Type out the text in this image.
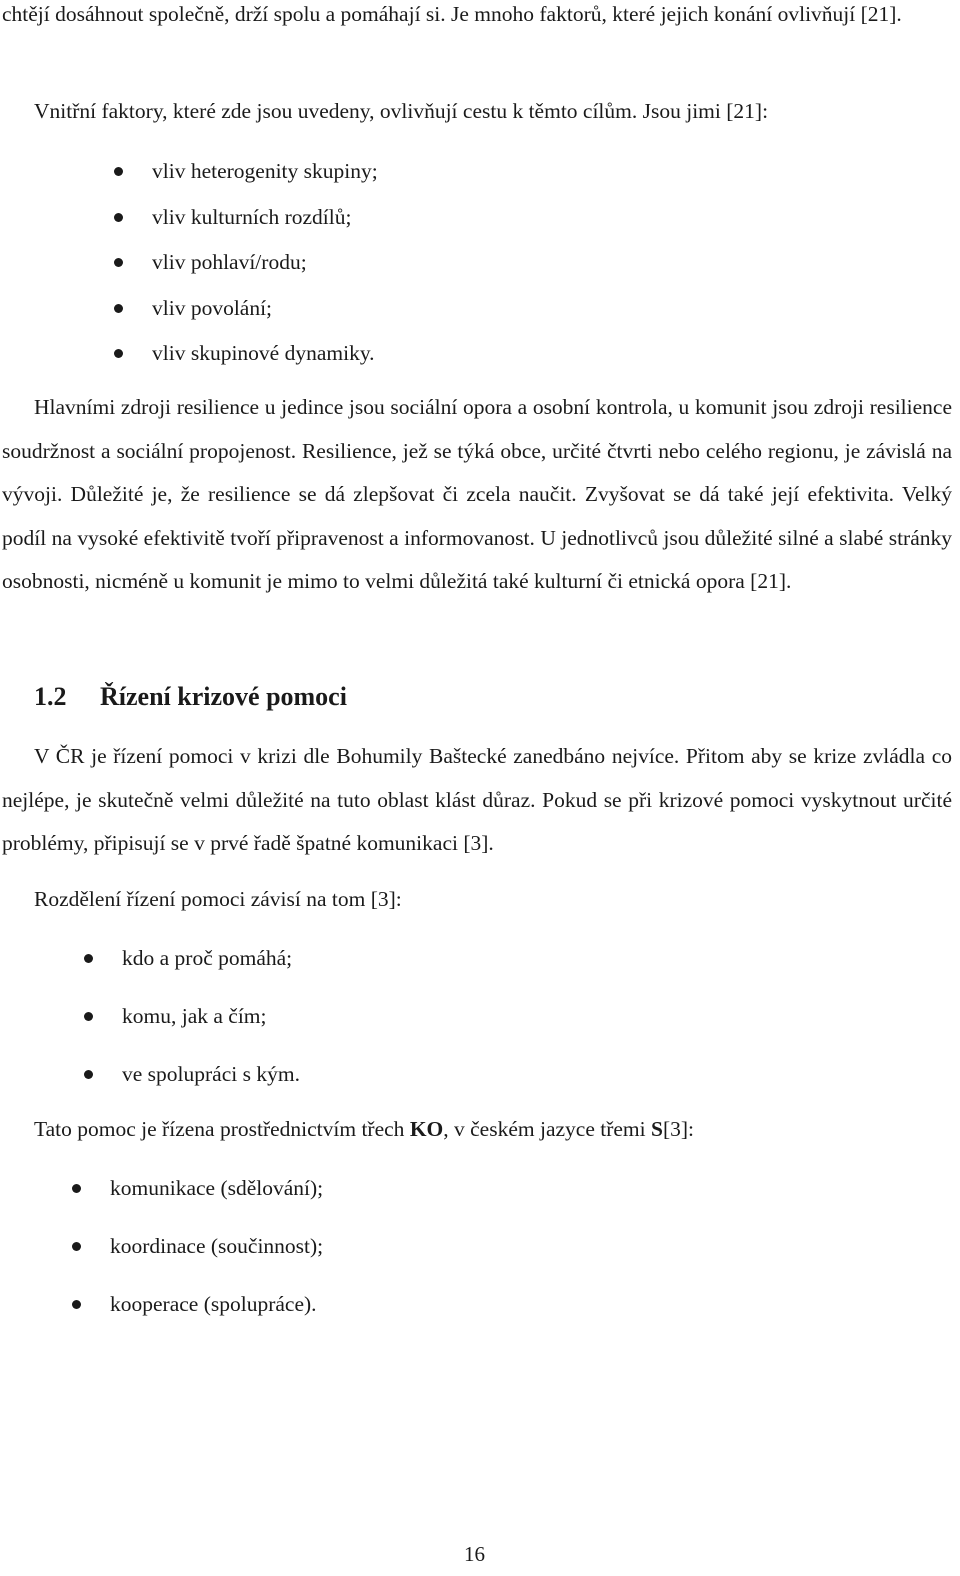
chtějí dosáhnout společně, drží spolu a pomáhají si. Je mnoho faktorů, které jejich konání ovlivňují [21].

Vnitřní faktory, které zde jsou uvedeny, ovlivňují cestu k těmto cílům. Jsou jimi [21]:

vliv heterogenity skupiny;
vliv kulturních rozdílů;
vliv pohlaví/rodu;
vliv povolání;
vliv skupinové dynamiky.

Hlavními zdroji resilience u jedince jsou sociální opora a osobní kontrola, u komunit jsou zdroji resilience soudržnost a sociální propojenost. Resilience, jež se týká obce, určité čtvrti nebo celého regionu, je závislá na vývoji. Důležité je, že resilience se dá zlepšovat či zcela naučit. Zvyšovat se dá také její efektivita. Velký podíl na vysoké efektivitě tvoří připravenost a informovanost. U jednotlivců jsou důležité silné a slabé stránky osobnosti, nicméně u komunit je mimo to velmi důležitá také kulturní či etnická opora [21].

1.2 Řízení krizové pomoci

V ČR je řízení pomoci v krizi dle Bohumily Baštecké zanedbáno nejvíce. Přitom aby se krize zvládla co nejlépe, je skutečně velmi důležité na tuto oblast klást důraz. Pokud se při krizové pomoci vyskytnout určité problémy, připisují se v prvé řadě špatné komunikaci [3].

Rozdělení řízení pomoci závisí na tom [3]:

kdo a proč pomáhá;
komu, jak a čím;
ve spolupráci s kým.

Tato pomoc je řízena prostřednictvím třech KO, v českém jazyce třemi S[3]:

komunikace (sdělování);
koordinace (součinnost);
kooperace (spolupráce).

16
